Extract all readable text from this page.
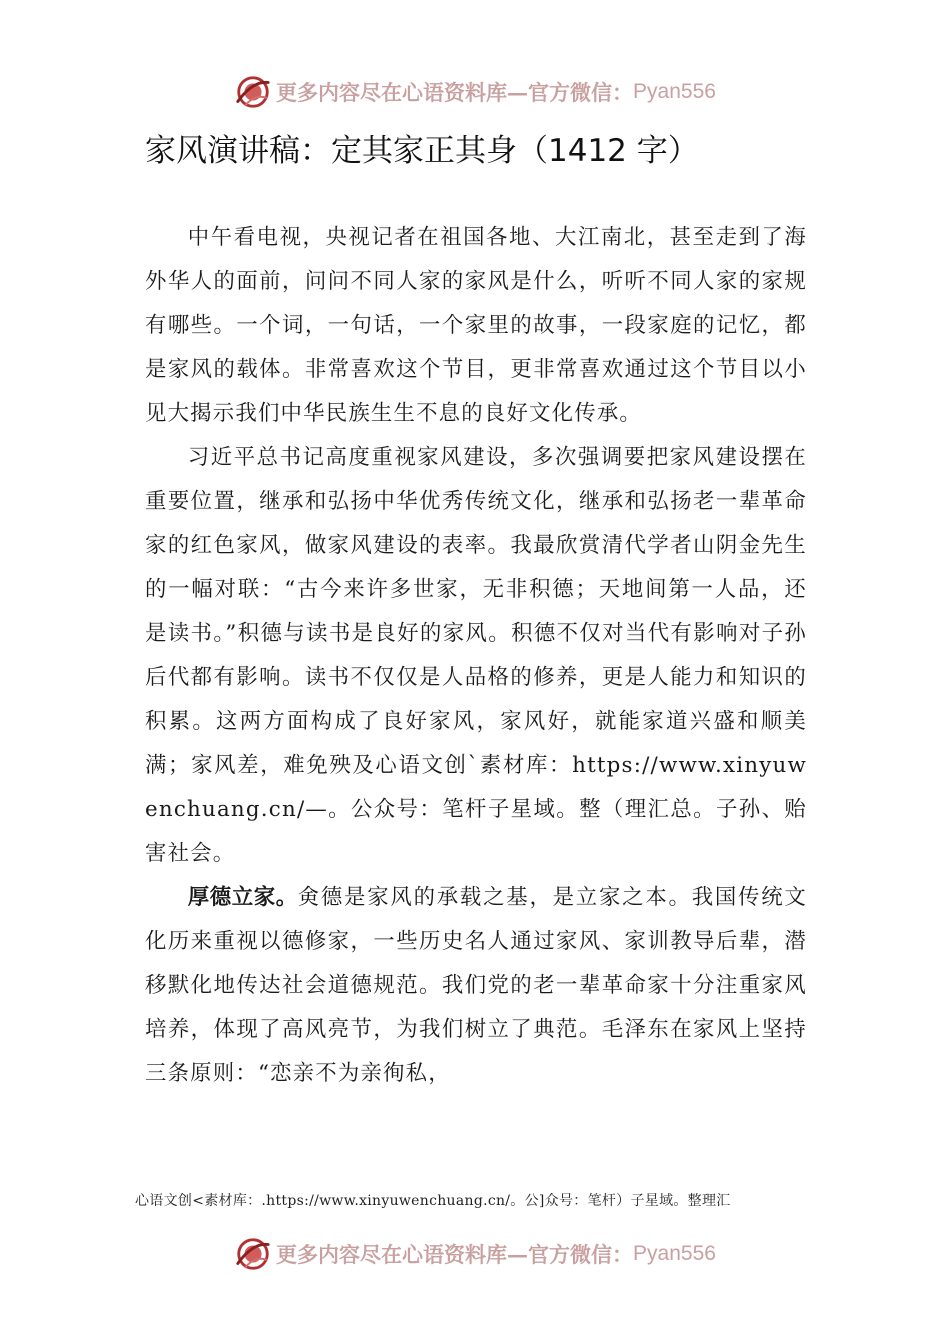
更多内容尽在心语资料库—官方微信： Pyan556
家风演讲稿：定其家正其身（1412 字）

中午看电视，央视记者在祖国各地、大江南北，甚至走到了海外华人的面前，问问不同人家的家风是什么，听听不同人家的家规有哪些。一个词，一句话，一个家里的故事，一段家庭的记忆，都是家风的载体。非常喜欢这个节目，更非常喜欢通过这个节目以小见大揭示我们中华民族生生不息的良好文化传承。

习近平总书记高度重视家风建设，多次强调要把家风建设摆在重要位置，继承和弘扬中华优秀传统文化，继承和弘扬老一辈革命家的红色家风，做家风建设的表率。我最欣赏清代学者山阴金先生的一幅对联：“古今来许多世家，无非积德；天地间第一人品，还是读书。”积德与读书是良好的家风。积德不仅对当代有影响对子孙后代都有影响。读书不仅仅是人品格的修养，更是人能力和知识的积累。这两方面构成了良好家风，家风好，就能家道兴盛和顺美满；家风差，难免殃及心语文创`素材库：https://www.xinyuwenchuang.cn/—。公众号：笔杆子星域。整（理汇总。子孙、贻害社会。

厚德立家。㑒德是家风的承载之基，是立家之本。我国传统文化历来重视以德修家，一些历史名人通过家风、家训教导后辈，潜移默化地传达社会道德规范。我们党的老一辈革命家十分注重家风培养，体现了高风亮节，为我们树立了典范。毛泽东在家风上坚持三条原则：“恋亲不为亲徇私，

心语文创<素材库：.https://www.xinyuwenchuang.cn/。公]众号：笔杆）子星域。整理汇
更多内容尽在心语资料库—官方微信： Pyan556
